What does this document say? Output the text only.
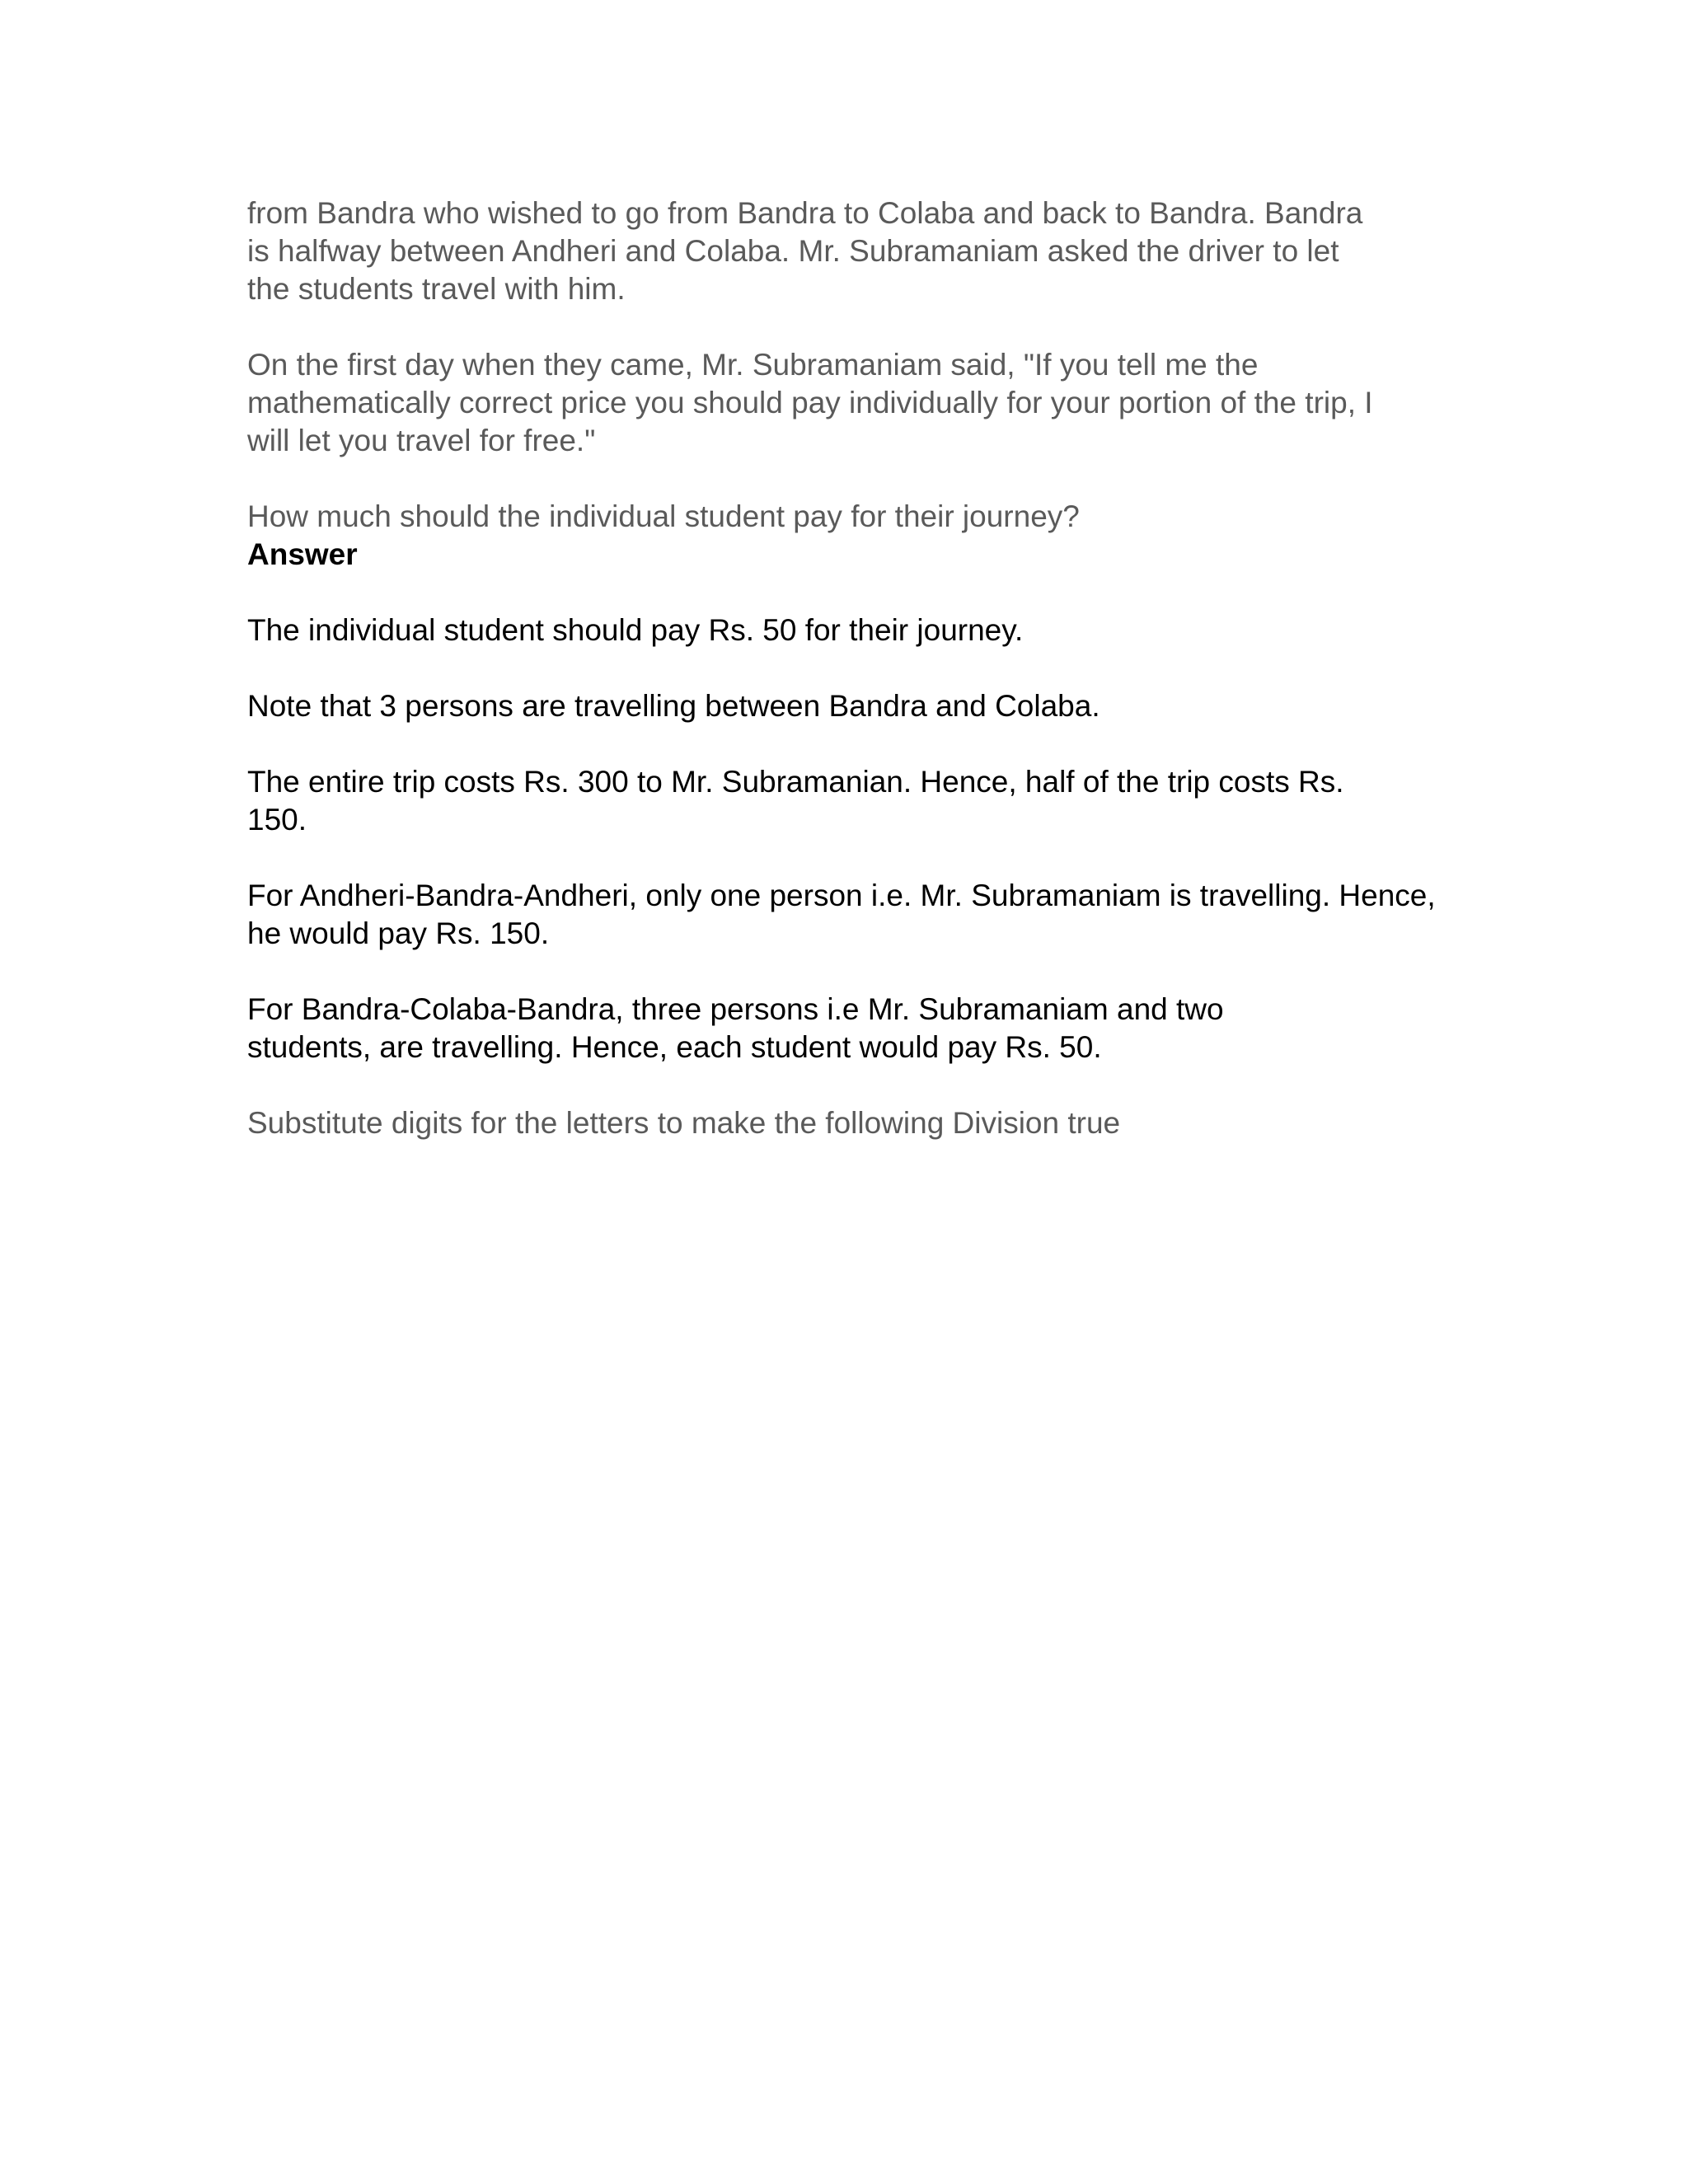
from Bandra who wished to go from Bandra to Colaba and back to Bandra. Bandra is halfway between Andheri and Colaba. Mr. Subramaniam asked the driver to let the students travel with him.

On the first day when they came, Mr. Subramaniam said, "If you tell me the mathematically correct price you should pay individually for your portion of the trip, I will let you travel for free."

How much should the individual student pay for their journey?

Answer

The individual student should pay Rs. 50 for their journey.

Note that 3 persons are travelling between Bandra and Colaba.

The entire trip costs Rs. 300 to Mr. Subramanian. Hence, half of the trip costs Rs. 150.

For Andheri-Bandra-Andheri, only one person i.e. Mr. Subramaniam is travelling. Hence, he would pay Rs. 150.

For Bandra-Colaba-Bandra, three persons i.e Mr. Subramaniam and two students, are travelling. Hence, each student would pay Rs. 50.

Substitute digits for the letters to make the following Division true
